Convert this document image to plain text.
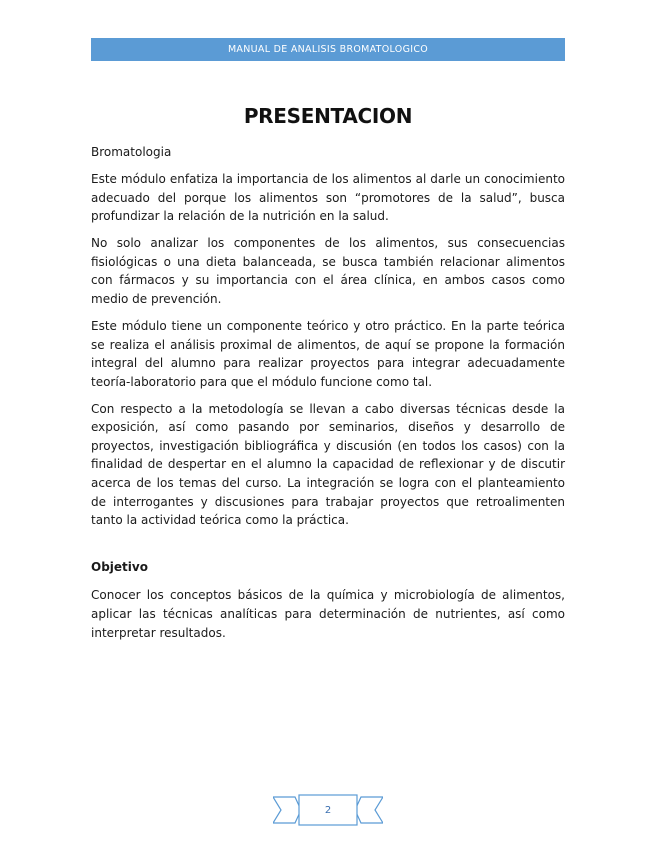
MANUAL DE ANALISIS BROMATOLOGICO
PRESENTACION

Bromatologia

Este módulo enfatiza la importancia de los alimentos al darle un conocimiento adecuado del porque los alimentos son “promotores de la salud”, busca profundizar la relación de la nutrición en la salud.

No solo analizar los componentes de los alimentos, sus consecuencias fisiológicas o una dieta balanceada, se busca también relacionar alimentos con fármacos y su importancia con el área clínica, en ambos casos como medio de prevención.

Este módulo tiene un componente teórico y otro práctico. En la parte teórica se realiza el análisis proximal de alimentos, de aquí se propone la formación integral del alumno para realizar proyectos para integrar adecuadamente teoría-laboratorio para que el módulo funcione como tal.

Con respecto a la metodología se llevan a cabo diversas técnicas desde la exposición, así como pasando por seminarios, diseños y desarrollo de proyectos, investigación bibliográfica y discusión (en todos los casos) con la finalidad de despertar en el alumno la capacidad de reflexionar y de discutir acerca de los temas del curso. La integración se logra con el planteamiento de interrogantes y discusiones para trabajar proyectos que retroalimenten tanto la actividad teórica como la práctica.

Objetivo

Conocer los conceptos básicos de la química y microbiología de alimentos, aplicar las técnicas analíticas para determinación de nutrientes, así como interpretar resultados.

2
